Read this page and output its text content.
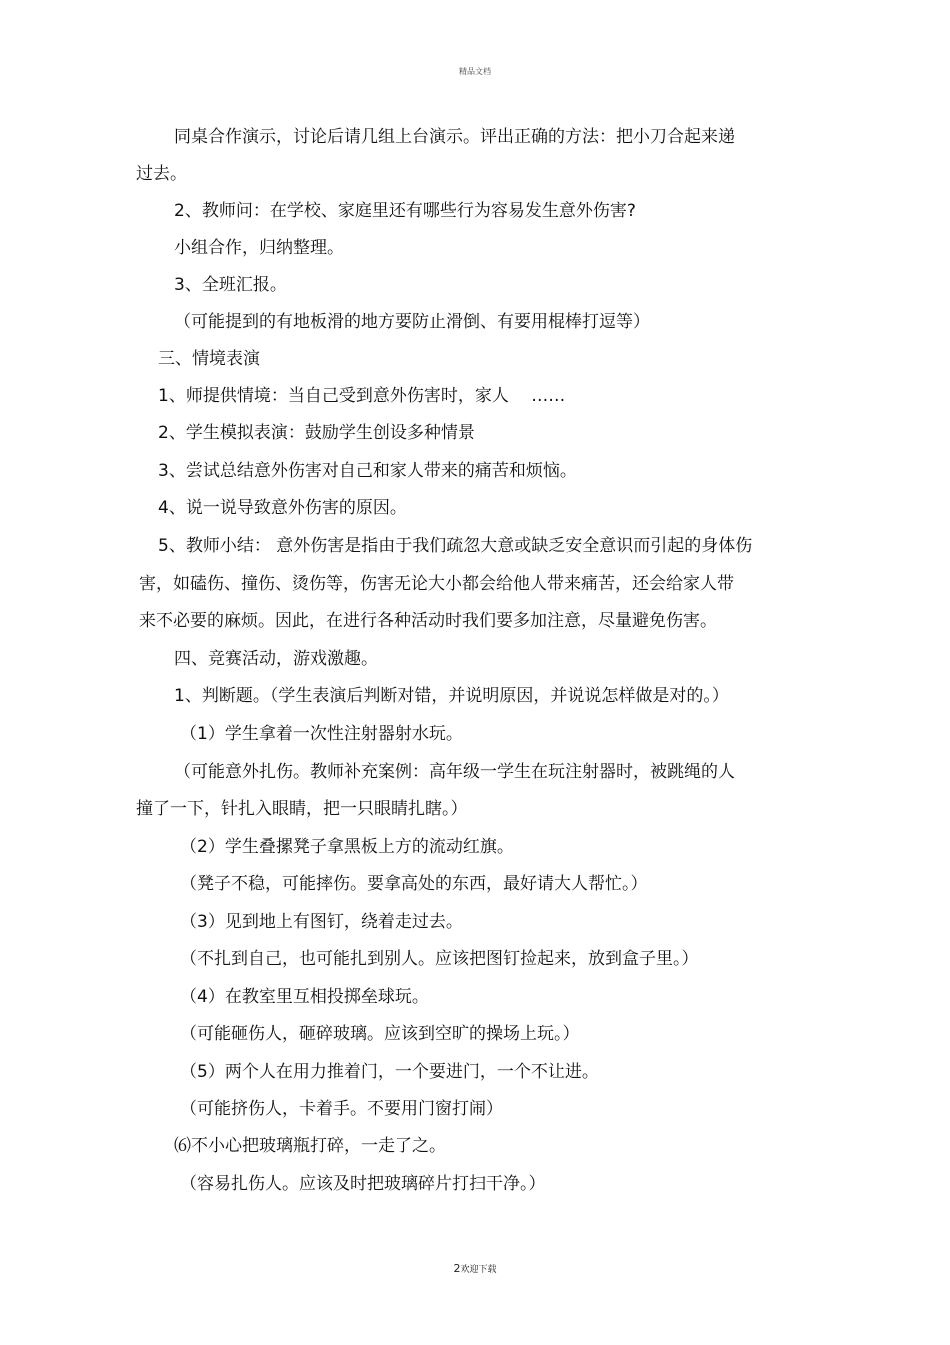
精品文档
同桌合作演示，讨论后请几组上台演示。评出正确的方法：把小刀合起来递
过去。
2、教师问：在学校、家庭里还有哪些行为容易发生意外伤害?
小组合作，归纳整理。
3、全班汇报。
（可能提到的有地板滑的地方要防止滑倒、有要用棍棒打逗等）
三、情境表演
1、师提供情境：当自己受到意外伤害时，家人　 ……
2、学生模拟表演：鼓励学生创设多种情景
3、尝试总结意外伤害对自己和家人带来的痛苦和烦恼。
4、说一说导致意外伤害的原因。
5、教师小结： 意外伤害是指由于我们疏忽大意或缺乏安全意识而引起的身体伤
害，如磕伤、撞伤、烫伤等，伤害无论大小都会给他人带来痛苦，还会给家人带
来不必要的麻烦。因此，在进行各种活动时我们要多加注意，尽量避免伤害。
四、竞赛活动，游戏激趣。
1、判断题。（学生表演后判断对错，并说明原因，并说说怎样做是对的。）
（1）学生拿着一次性注射器射水玩。
（可能意外扎伤。教师补充案例：高年级一学生在玩注射器时，被跳绳的人
撞了一下，针扎入眼睛，把一只眼睛扎瞎。）
（2）学生叠摞凳子拿黑板上方的流动红旗。
（凳子不稳，可能摔伤。要拿高处的东西，最好请大人帮忙。）
（3）见到地上有图钉，绕着走过去。
（不扎到自己，也可能扎到别人。应该把图钉捡起来，放到盒子里。）
（4）在教室里互相投掷垒球玩。
（可能砸伤人，砸碎玻璃。应该到空旷的操场上玩。）
（5）两个人在用力推着门，一个要进门，一个不让进。
（可能挤伤人，卡着手。不要用门窗打闹）
⑹不小心把玻璃瓶打碎，一走了之。
（容易扎伤人。应该及时把玻璃碎片打扫干净。）
2欢迎下载
